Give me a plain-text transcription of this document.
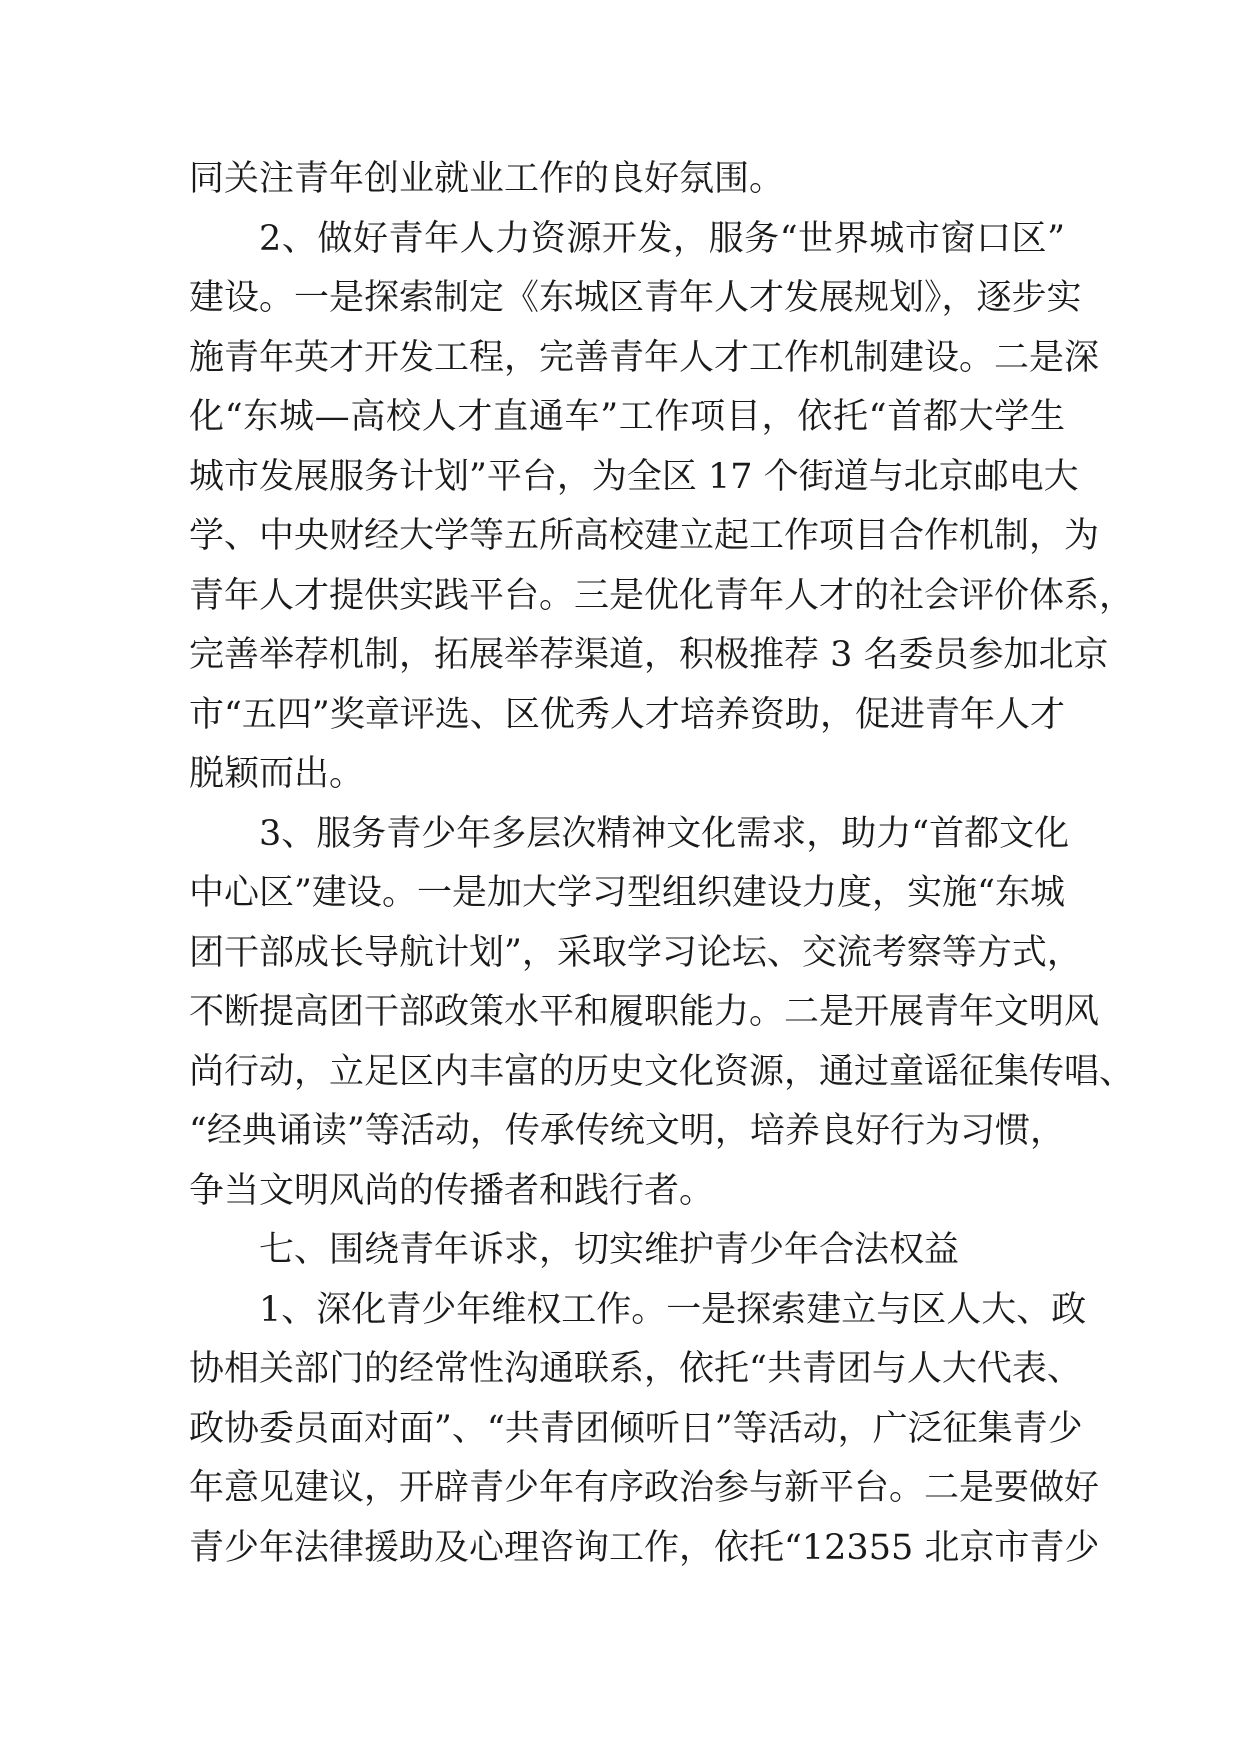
同关注青年创业就业工作的良好氛围。
2、做好青年人力资源开发，服务“世界城市窗口区”
建设。一是探索制定《东城区青年人才发展规划》，逐步实
施青年英才开发工程，完善青年人才工作机制建设。二是深
化“东城—高校人才直通车”工作项目，依托“首都大学生
城市发展服务计划”平台，为全区 17 个街道与北京邮电大
学、中央财经大学等五所高校建立起工作项目合作机制，为
青年人才提供实践平台。三是优化青年人才的社会评价体系，
完善举荐机制，拓展举荐渠道，积极推荐 3 名委员参加北京
市“五四”奖章评选、区优秀人才培养资助，促进青年人才
脱颖而出。
3、服务青少年多层次精神文化需求，助力“首都文化
中心区”建设。一是加大学习型组织建设力度，实施“东城
团干部成长导航计划”，采取学习论坛、交流考察等方式，
不断提高团干部政策水平和履职能力。二是开展青年文明风
尚行动，立足区内丰富的历史文化资源，通过童谣征集传唱、
“经典诵读”等活动，传承传统文明，培养良好行为习惯，
争当文明风尚的传播者和践行者。
七、围绕青年诉求，切实维护青少年合法权益
1、深化青少年维权工作。一是探索建立与区人大、政
协相关部门的经常性沟通联系，依托“共青团与人大代表、
政协委员面对面”、“共青团倾听日”等活动，广泛征集青少
年意见建议，开辟青少年有序政治参与新平台。二是要做好
青少年法律援助及心理咨询工作，依托“12355 北京市青少
